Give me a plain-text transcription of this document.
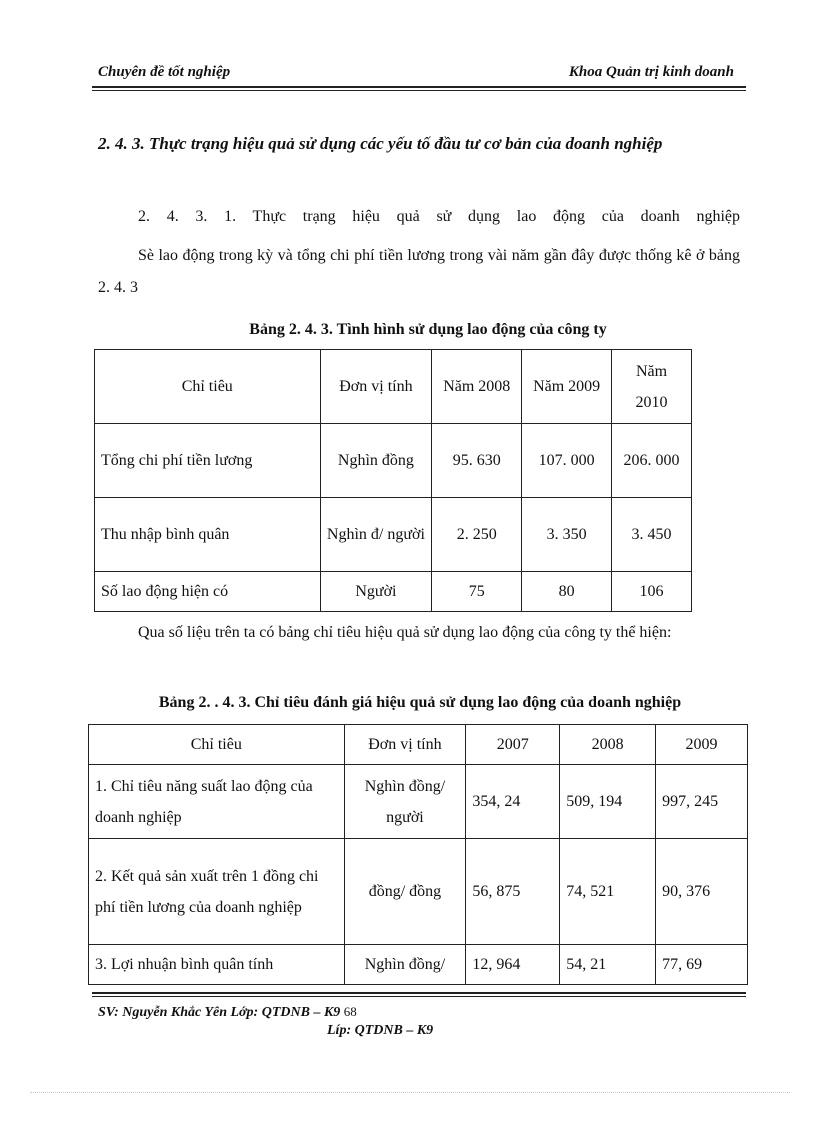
Chuyên đề tốt nghiệp	Khoa Quản trị kinh doanh
2. 4. 3. Thực trạng hiệu quả sử dụng các yếu tố đầu tư cơ bản của doanh nghiệp
2. 4. 3. 1. Thực trạng hiệu quả sử dụng lao động của doanh nghiệp
Sè lao động trong kỳ và tổng chi phí tiền lương trong vài năm gần đây được thống kê ở bảng 2. 4. 3
Bảng 2. 4. 3. Tình hình sử dụng lao động của công ty
Chỉ tiêu	Đơn vị tính	Năm 2008	Năm 2009	Năm 2010
Tổng chi phí tiền lương	Nghìn đồng	95. 630	107. 000	206. 000
Thu nhập bình quân	Nghìn đ/ người	2. 250	3. 350	3. 450
Số lao động hiện có	Người	75	80	106
Qua số liệu trên ta có bảng chỉ tiêu hiệu quả sử dụng lao động của công ty thể hiện:
Bảng 2. . 4. 3. Chỉ tiêu đánh giá hiệu quả sử dụng lao động của doanh nghiệp
Chỉ tiêu	Đơn vị tính	2007	2008	2009
1. Chỉ tiêu năng suất lao động của doanh nghiệp	Nghìn đồng/ người	354, 24	509, 194	997, 245
2. Kết quả sản xuất trên 1 đồng chi phí tiền lương của doanh nghiệp	đồng/ đồng	56, 875	74, 521	90, 376
3. Lợi nhuận bình quân tính	Nghìn đồng/	12, 964	54, 21	77, 69
SV: Nguyễn Khắc Yên Lớp: QTDNB – K9 68
Líp: QTDNB – K9
